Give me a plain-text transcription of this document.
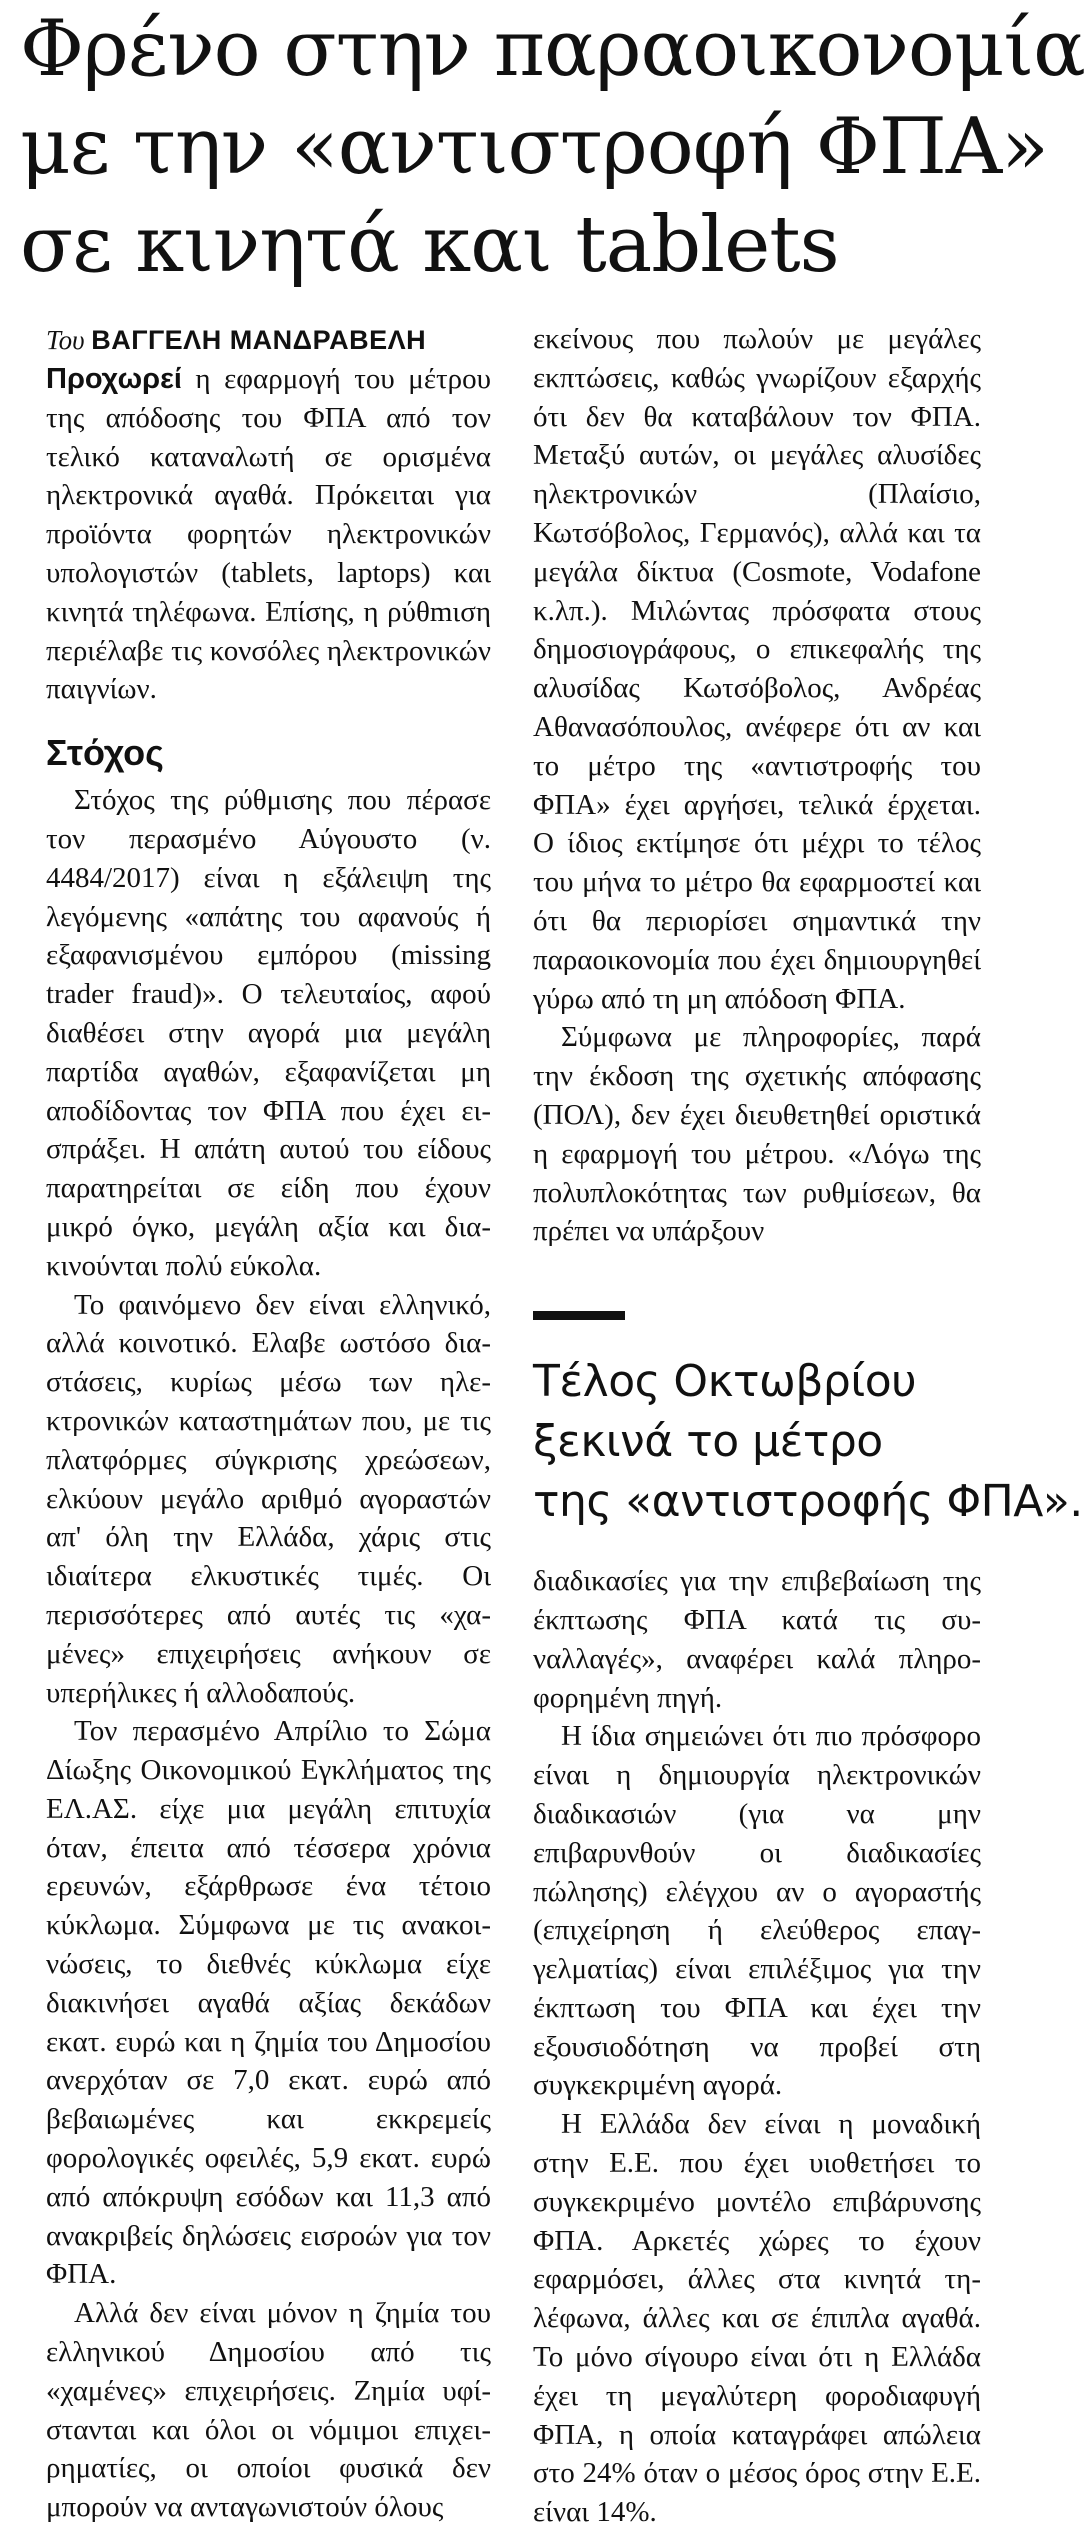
Φρένο στην παραοικονομία
με την «αντιστροφή ΦΠΑ»
σε κινητά και tablets

Του ΒΑΓΓΕΛΗ ΜΑΝΔΡΑΒΕΛΗ

Προχωρεί η εφαρμογή του μέτρου της απόδοσης του ΦΠΑ από τον τελικό καταναλωτή σε ορισμένα ηλεκτρονικά αγαθά. Πρόκειται για προϊόντα φορητών ηλεκτρονικών υπολογιστών (tablets, laptops) και κινητά τηλέφωνα. Επίσης, η ρύθmιση περιέλαβε τις κονσόλες ηλεκτρονικών παιγνίων.

Στόχος

Στόχος της ρύθμισης που πέρασε τον περασμένο Αύγουστο (ν. 4484/2017) είναι η εξάλειψη της λεγόμενης «απάτης του αφανούς ή εξαφανισμένου εμπόρου (missing trader fraud)». Ο τελευταίος, αφού διαθέσει στην αγορά μια μεγάλη παρτίδα αγαθών, εξαφανίζεται μη αποδίδοντας τον ΦΠΑ που έχει εισπράξει. Η απάτη αυτού του είδους παρατηρείται σε είδη που έχουν μικρό όγκο, μεγάλη αξία και διακινούνται πολύ εύκολα.

Το φαινόμενο δεν είναι ελληνικό, αλλά κοινοτικό. Ελαβε ωστόσο διαστάσεις, κυρίως μέσω των ηλεκτρονικών καταστημάτων που, με τις πλατφόρμες σύγκρισης χρεώσεων, ελκύουν μεγάλο αριθμό αγοραστών απ' όλη την Ελλάδα, χάρις στις ιδιαίτερα ελκυστικές τιμές. Οι περισσότερες από αυτές τις «χαμένες» επιχειρήσεις ανήκουν σε υπερήλικες ή αλλοδαπούς.

Τον περασμένο Απρίλιο το Σώμα Δίωξης Οικονομικού Εγκλήματος της ΕΛ.ΑΣ. είχε μια μεγάλη επιτυχία όταν, έπειτα από τέσσερα χρόνια ερευνών, εξάρθρωσε ένα τέτοιο κύκλωμα. Σύμφωνα με τις ανακοινώσεις, το διεθνές κύκλωμα είχε διακινήσει αγαθά αξίας δεκάδων εκατ. ευρώ και η ζημία του Δημοσίου ανερχόταν σε 7,0 εκατ. ευρώ από βεβαιωμένες και εκκρεμείς φορολογικές οφειλές, 5,9 εκατ. ευρώ από απόκρυψη εσόδων και 11,3 από ανακριβείς δηλώσεις εισροών για τον ΦΠΑ.

Αλλά δεν είναι μόνον η ζημία του ελληνικού Δημοσίου από τις «χαμένες» επιχειρήσεις. Ζημία υφίστανται και όλοι οι νόμιμοι επιχειρηματίες, οι οποίοι φυσικά δεν μπορούν να ανταγωνιστούν όλους

εκείνους που πωλούν με μεγάλες εκπτώσεις, καθώς γνωρίζουν εξαρχής ότι δεν θα καταβάλουν τον ΦΠΑ. Μεταξύ αυτών, οι μεγάλες αλυσίδες ηλεκτρονικών (Πλαίσιο, Κωτσόβολος, Γερμανός), αλλά και τα μεγάλα δίκτυα (Cosmote, Vodafone κ.λπ.). Μιλώντας πρόσφατα στους δημοσιογράφους, ο επικεφαλής της αλυσίδας Κωτσόβολος, Ανδρέας Αθανασόπουλος, ανέφερε ότι αν και το μέτρο της «αντιστροφής του ΦΠΑ» έχει αργήσει, τελικά έρχεται. Ο ίδιος εκτίμησε ότι μέχρι το τέλος του μήνα το μέτρο θα εφαρμοστεί και ότι θα περιορίσει σημαντικά την παραοικονομία που έχει δημιουργηθεί γύρω από τη μη απόδοση ΦΠΑ.

Σύμφωνα με πληροφορίες, παρά την έκδοση της σχετικής απόφασης (ΠΟΛ), δεν έχει διευθετηθεί οριστικά η εφαρμογή του μέτρου. «Λόγω της πολυπλοκότητας των ρυθμίσεων, θα πρέπει να υπάρξουν

Τέλος Οκτωβρίου
ξεκινά το μέτρο
της «αντιστροφής ΦΠΑ».

διαδικασίες για την επιβεβαίωση της έκπτωσης ΦΠΑ κατά τις συναλλαγές», αναφέρει καλά πληροφορημένη πηγή.

Η ίδια σημειώνει ότι πιο πρόσφορο είναι η δημιουργία ηλεκτρονικών διαδικασιών (για να μην επιβαρυνθούν οι διαδικασίες πώλησης) ελέγχου αν ο αγοραστής (επιχείρηση ή ελεύθερος επαγγελματίας) είναι επιλέξιμος για την έκπτωση του ΦΠΑ και έχει την εξουσιοδότηση να προβεί στη συγκεκριμένη αγορά.

Η Ελλάδα δεν είναι η μοναδική στην Ε.Ε. που έχει υιοθετήσει το συγκεκριμένο μοντέλο επιβάρυνσης ΦΠΑ. Αρκετές χώρες το έχουν εφαρμόσει, άλλες στα κινητά τηλέφωνα, άλλες και σε έπιπλα αγαθά. Το μόνο σίγουρο είναι ότι η Ελλάδα έχει τη μεγαλύτερη φοροδιαφυγή ΦΠΑ, η οποία καταγράφει απώλεια στο 24% όταν ο μέσος όρος στην Ε.Ε. είναι 14%.
